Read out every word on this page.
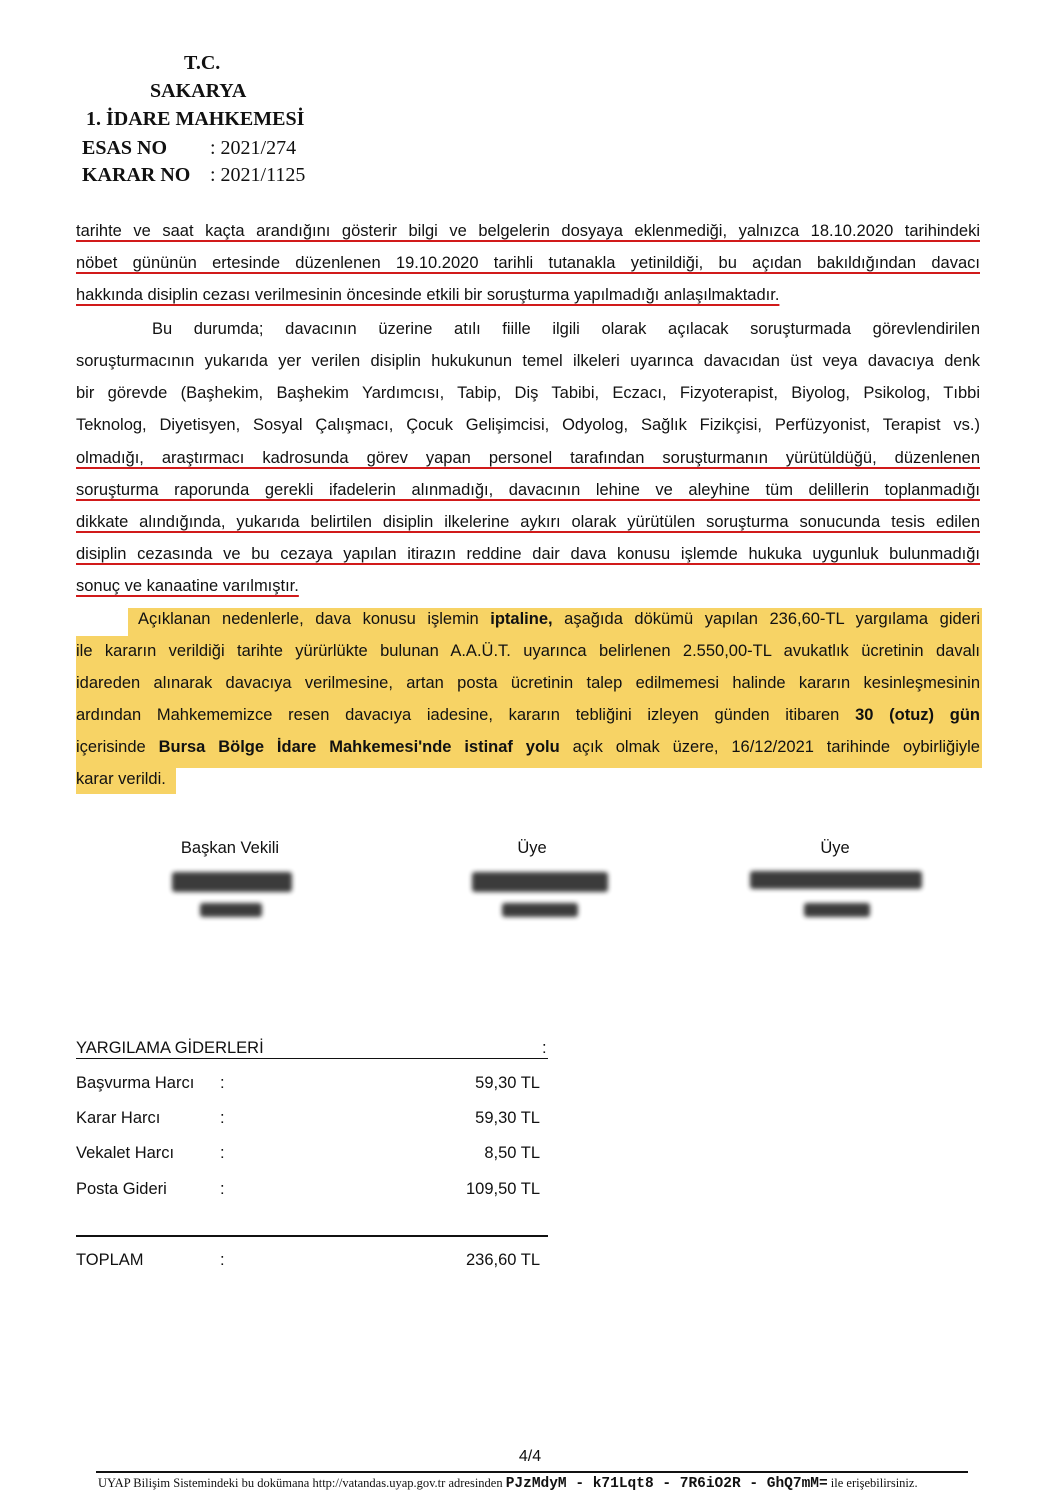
T.C.
SAKARYA
1. İDARE MAHKEMESİ
ESAS NO : 2021/274
KARAR NO : 2021/1125
tarihte ve saat kaçta arandığını gösterir bilgi ve belgelerin dosyaya eklenmediği, yalnızca 18.10.2020 tarihindeki
nöbet gününün ertesinde düzenlenen 19.10.2020 tarihli tutanakla yetinildiği, bu açıdan bakıldığından davacı
hakkında disiplin cezası verilmesinin öncesinde etkili bir soruşturma yapılmadığı anlaşılmaktadır.
Bu durumda; davacının üzerine atılı fiille ilgili olarak açılacak soruşturmada görevlendirilen
soruşturmacının yukarıda yer verilen disiplin hukukunun temel ilkeleri uyarınca davacıdan üst veya davacıya denk
bir görevde (Başhekim, Başhekim Yardımcısı, Tabip, Diş Tabibi, Eczacı, Fizyoterapist, Biyolog, Psikolog, Tıbbi
Teknolog, Diyetisyen, Sosyal Çalışmacı, Çocuk Gelişimcisi, Odyolog, Sağlık Fizikçisi, Perfüzyonist, Terapist vs.)
olmadığı, araştırmacı kadrosunda görev yapan personel tarafından soruşturmanın yürütüldüğü, düzenlenen
soruşturma raporunda gerekli ifadelerin alınmadığı, davacının lehine ve aleyhine tüm delillerin toplanmadığı
dikkate alındığında, yukarıda belirtilen disiplin ilkelerine aykırı olarak yürütülen soruşturma sonucunda tesis edilen
disiplin cezasında ve bu cezaya yapılan itirazın reddine dair dava konusu işlemde hukuka uygunluk bulunmadığı
sonuç ve kanaatine varılmıştır.
Açıklanan nedenlerle, dava konusu işlemin iptaline, aşağıda dökümü yapılan 236,60-TL yargılama gideri
ile kararın verildiği tarihte yürürlükte bulunan A.A.Ü.T. uyarınca belirlenen 2.550,00-TL avukatlık ücretinin davalı
idareden alınarak davacıya verilmesine, artan posta ücretinin talep edilmemesi halinde kararın kesinleşmesinin
ardından Mahkememizce resen davacıya iadesine, kararın tebliğini izleyen günden itibaren 30 (otuz) gün
içerisinde Bursa Bölge İdare Mahkemesi'nde istinaf yolu açık olmak üzere, 16/12/2021 tarihinde oybirliğiyle
karar verildi.
Başkan Vekili	Üye	Üye
YARGILAMA GİDERLERİ	:
Başvurma Harcı	:	59,30 TL
Karar Harcı	:	59,30 TL
Vekalet Harcı	:	8,50 TL
Posta Gideri	:	109,50 TL
TOPLAM	:	236,60 TL
4/4
UYAP Bilişim Sistemindeki bu dokümana http://vatandas.uyap.gov.tr adresinden PJzMdyM - k71Lqt8 - 7R6iO2R - GhQ7mM= ile erişebilirsiniz.
